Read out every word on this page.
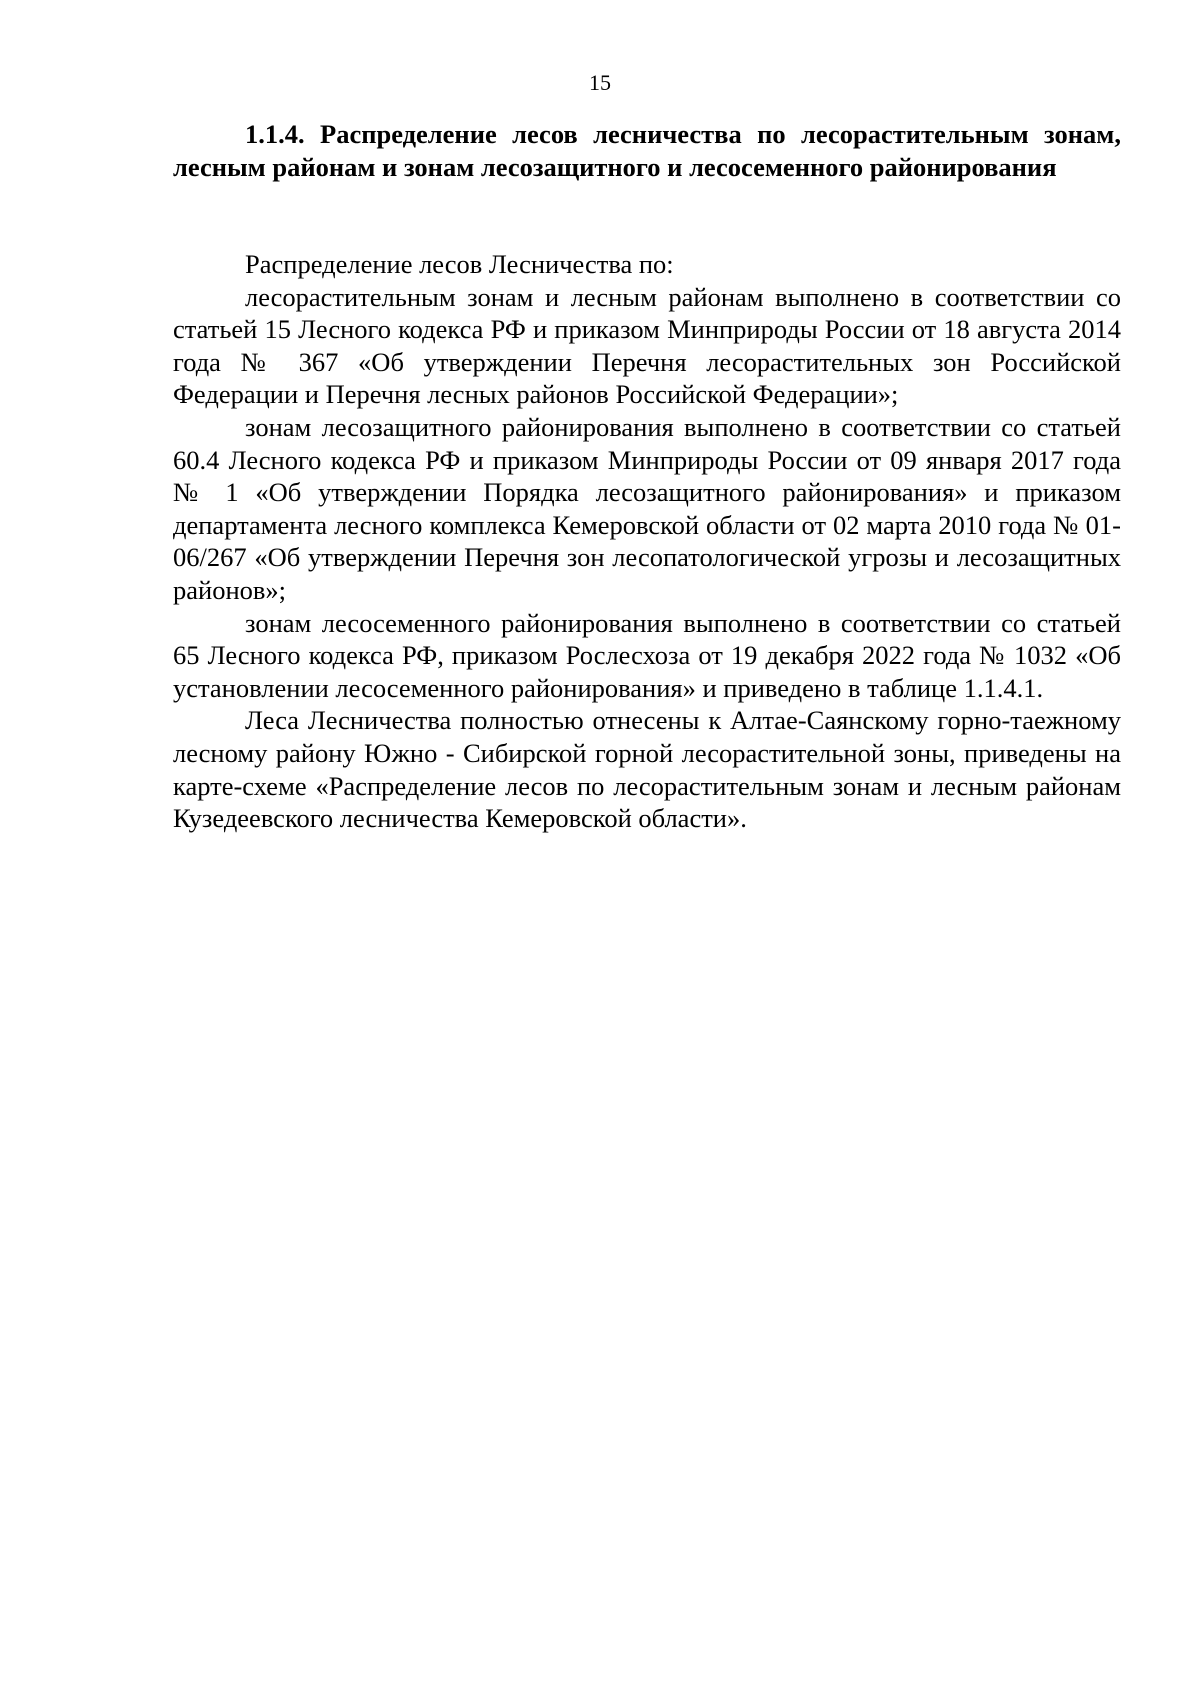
15
1.1.4. Распределение лесов лесничества по лесорастительным зонам, лесным районам и зонам лесозащитного и лесосеменного районирования

Распределение лесов Лесничества по:

лесорастительным зонам и лесным районам выполнено в соответствии со статьей 15 Лесного кодекса РФ и приказом Минприроды России от 18 августа 2014 года № 367 «Об утверждении Перечня лесорастительных зон Российской Федерации и Перечня лесных районов Российской Федерации»;

зонам лесозащитного районирования выполнено в соответствии со статьей 60.4 Лесного кодекса РФ и приказом Минприроды России от 09 января 2017 года № 1 «Об утверждении Порядка лесозащитного районирования» и приказом департамента лесного комплекса Кемеровской области от 02 марта 2010 года № 01-06/267 «Об утверждении Перечня зон лесопатологической угрозы и лесозащитных районов»;

зонам лесосеменного районирования выполнено в соответствии со статьей 65 Лесного кодекса РФ, приказом Рослесхоза от 19 декабря 2022 года № 1032 «Об установлении лесосеменного районирования» и приведено в таблице 1.1.4.1.

Леса Лесничества полностью отнесены к Алтае-Саянскому горно-таежному лесному району Южно - Сибирской горной лесорастительной зоны, приведены на карте-схеме «Распределение лесов по лесорастительным зонам и лесным районам Кузедеевского лесничества Кемеровской области».
